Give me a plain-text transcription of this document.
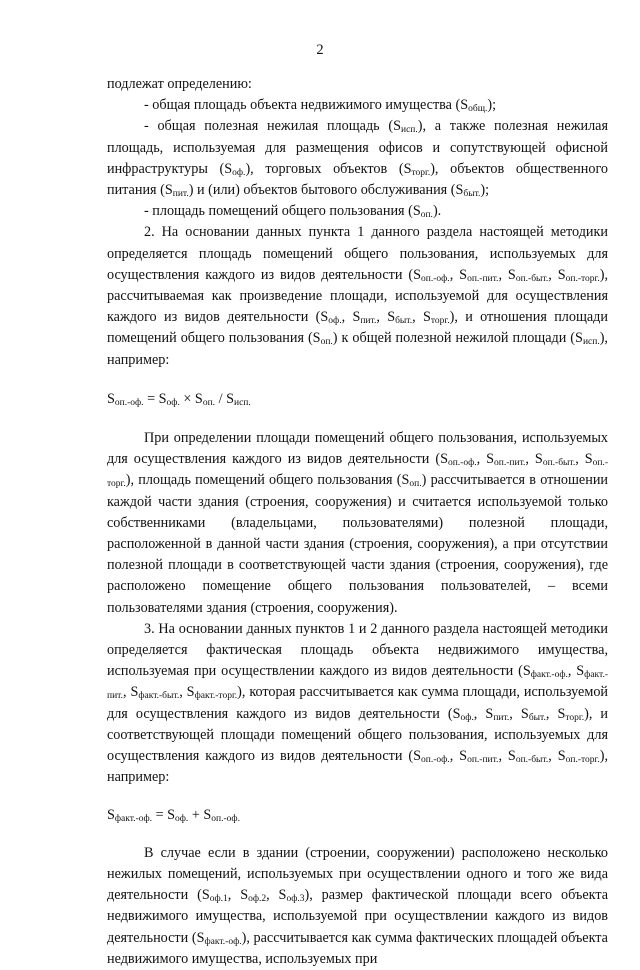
2

подлежат определению:

- общая площадь объекта недвижимого имущества $(S_{общ.})$;

- общая полезная нежилая площадь $(S_{исп.})$, а также полезная нежилая площадь, используемая для размещения офисов и сопутствующей офисной инфраструктуры $(S_{оф.})$, торговых объектов $(S_{торг.})$, объектов общественного питания $(S_{пит.})$ и (или) объектов бытового обслуживания $(S_{быт.})$;

- площадь помещений общего пользования $(S_{оп.})$.

2. На основании данных пункта 1 данного раздела настоящей методики определяется площадь помещений общего пользования, используемых для осуществления каждого из видов деятельности ($S_{оп.-оф.}$, $S_{оп.-пит.}$, $S_{оп.-быт.}$, $S_{оп.-торг.}$), рассчитываемая как произведение площади, используемой для осуществления каждого из видов деятельности ($S_{оф.}$, $S_{пит.}$, $S_{быт.}$, $S_{торг.}$), и отношения площади помещений общего пользования $(S_{оп.})$ к общей полезной нежилой площади $(S_{исп.})$, например:

$S_{оп.-оф.} = S_{оф.} \times S_{оп.} / S_{исп.}$

При определении площади помещений общего пользования, используемых для осуществления каждого из видов деятельности ($S_{оп.-оф.}$, $S_{оп.-пит.}$, $S_{оп.-быт.}$, $S_{оп.-торг.}$), площадь помещений общего пользования $(S_{оп.})$ рассчитывается в отношении каждой части здания (строения, сооружения) и считается используемой только собственниками (владельцами, пользователями) полезной площади, расположенной в данной части здания (строения, сооружения), а при отсутствии полезной площади в соответствующей части здания (строения, сооружения), где расположено помещение общего пользования пользователей, – всеми пользователями здания (строения, сооружения).

3. На основании данных пунктов 1 и 2 данного раздела настоящей методики определяется фактическая площадь объекта недвижимого имущества, используемая при осуществлении каждого из видов деятельности ($S_{факт.-оф.}$, $S_{факт.-пит.}$, $S_{факт.-быт.}$, $S_{факт.-торг.}$), которая рассчитывается как сумма площади, используемой для осуществления каждого из видов деятельности ($S_{оф.}$, $S_{пит.}$, $S_{быт.}$, $S_{торг.}$), и соответствующей площади помещений общего пользования, используемых для осуществления каждого из видов деятельности ($S_{оп.-оф.}$, $S_{оп.-пит.}$, $S_{оп.-быт.}$, $S_{оп.-торг.}$), например:

$S_{факт.-оф.} = S_{оф.} + S_{оп.-оф.}$

В случае если в здании (строении, сооружении) расположено несколько нежилых помещений, используемых при осуществлении одного и того же вида деятельности ($S_{оф.1}$, $S_{оф.2}$, $S_{оф.3}$), размер фактической площади всего объекта недвижимого имущества, используемой при осуществлении каждого из видов деятельности $(S_{факт.-оф.})$, рассчитывается как сумма фактических площадей объекта недвижимого имущества, используемых при
